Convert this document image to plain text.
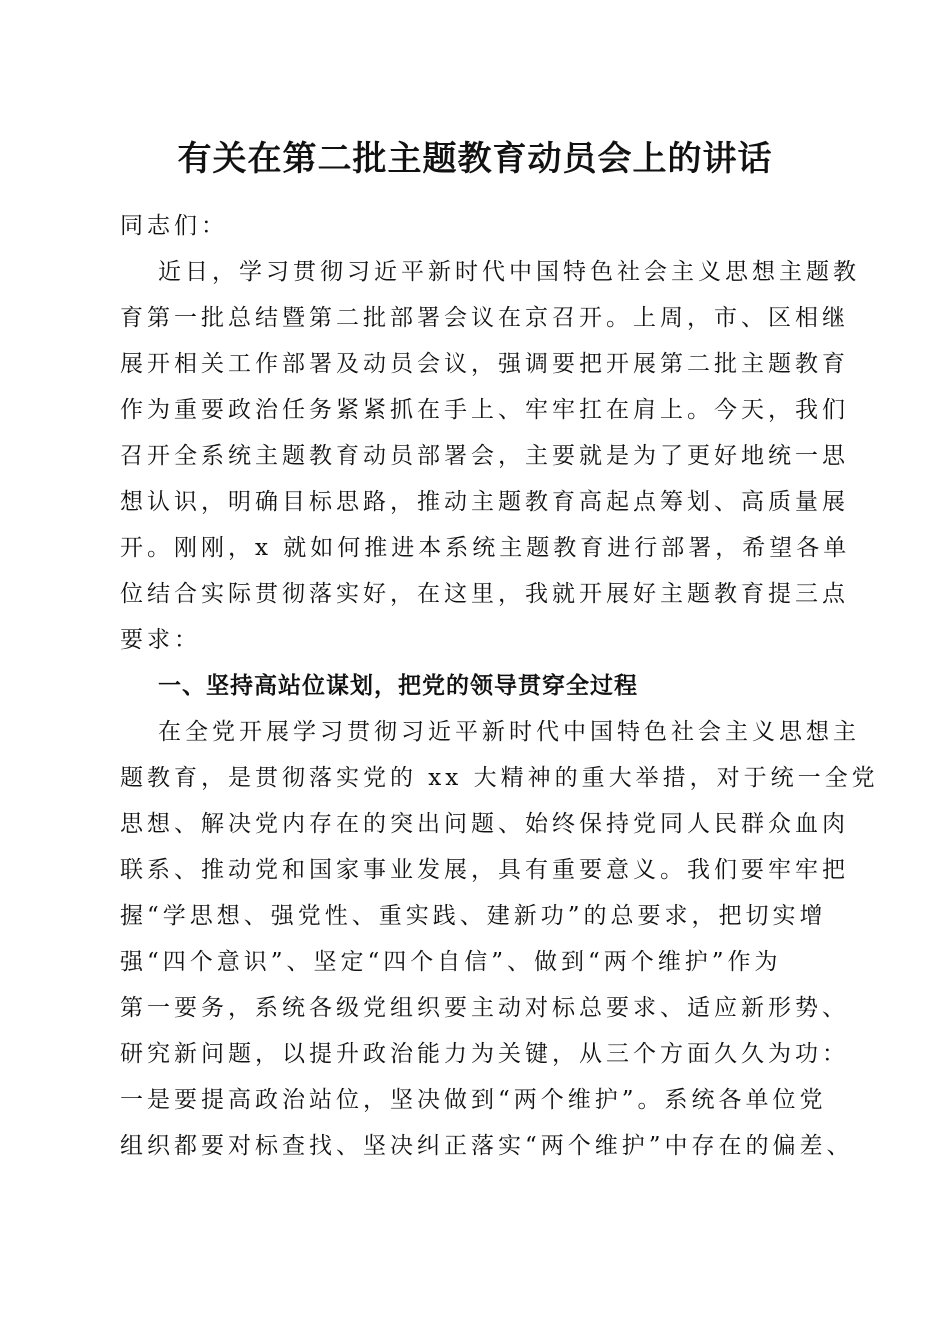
有关在第二批主题教育动员会上的讲话
同志们：
近日，学习贯彻习近平新时代中国特色社会主义思想主题教
育第一批总结暨第二批部署会议在京召开。上周，市、区相继
展开相关工作部署及动员会议，强调要把开展第二批主题教育
作为重要政治任务紧紧抓在手上、牢牢扛在肩上。今天，我们
召开全系统主题教育动员部署会，主要就是为了更好地统一思
想认识，明确目标思路，推动主题教育高起点筹划、高质量展
开。刚刚，x 就如何推进本系统主题教育进行部署，希望各单
位结合实际贯彻落实好，在这里，我就开展好主题教育提三点
要求：
一、坚持高站位谋划，把党的领导贯穿全过程
在全党开展学习贯彻习近平新时代中国特色社会主义思想主
题教育，是贯彻落实党的 xx 大精神的重大举措，对于统一全党
思想、解决党内存在的突出问题、始终保持党同人民群众血肉
联系、推动党和国家事业发展，具有重要意义。我们要牢牢把
握“学思想、强党性、重实践、建新功”的总要求，把切实增
强“四个意识”、坚定“四个自信”、做到“两个维护”作为
第一要务，系统各级党组织要主动对标总要求、适应新形势、
研究新问题，以提升政治能力为关键，从三个方面久久为功：
一是要提高政治站位，坚决做到“两个维护”。系统各单位党
组织都要对标查找、坚决纠正落实“两个维护”中存在的偏差、
